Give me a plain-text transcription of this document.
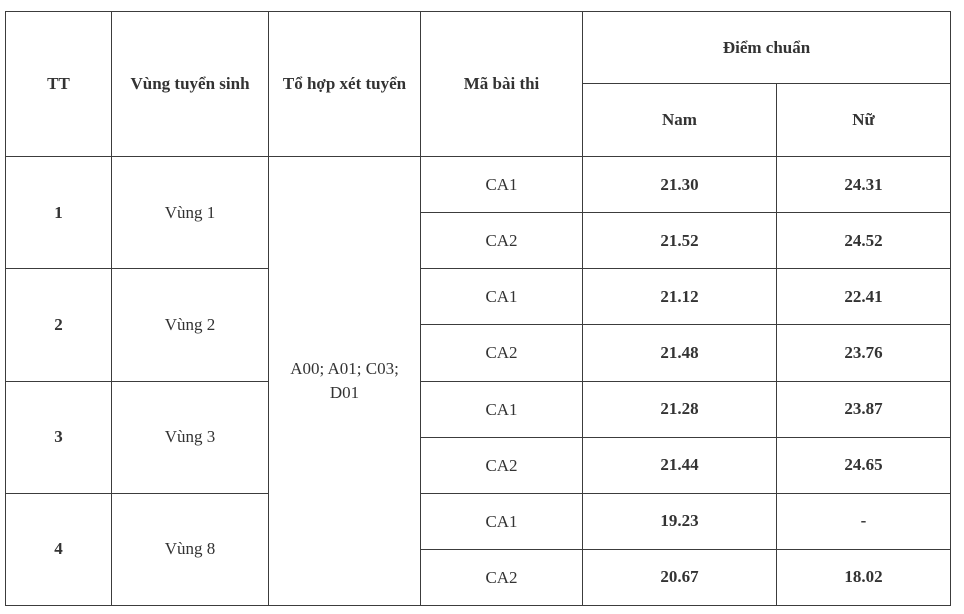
TT	Vùng tuyển sinh	Tổ hợp xét tuyển	Mã bài thi	Điểm chuẩn	
				Nam	Nữ
1	Vùng 1	A00; A01; C03; D01	CA1	21.30	24.31
			CA2	21.52	24.52
2	Vùng 2		CA1	21.12	22.41
			CA2	21.48	23.76
3	Vùng 3		CA1	21.28	23.87
			CA2	21.44	24.65
4	Vùng 8		CA1	19.23	-
			CA2	20.67	18.02
